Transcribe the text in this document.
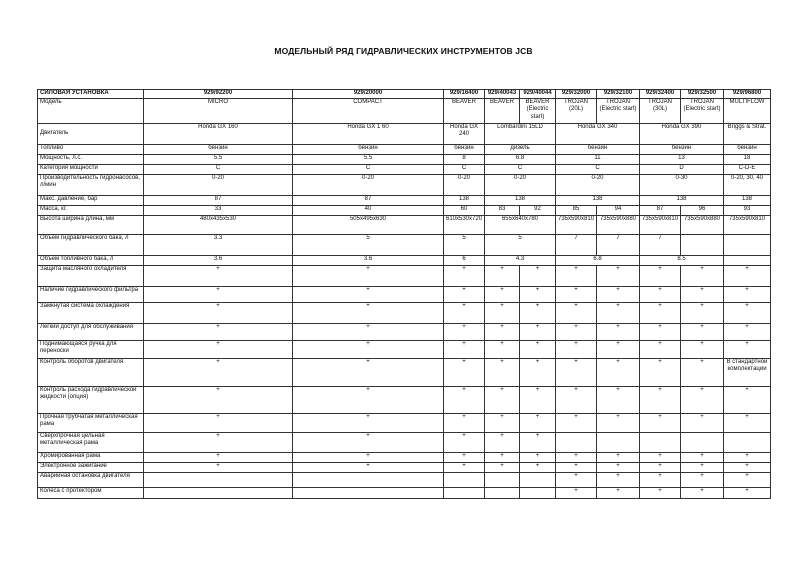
МОДЕЛЬНЫЙ РЯД ГИДРАВЛИЧЕСКИХ ИНСТРУМЕНТОВ JCB
СИЛОВАЯ УСТАНОВКА	929/92200	929/20000	929/16400	929/40043	929/40044	929/32000	929/32100	929/32400	929/32500	929/96800
Модель	MICRO	COMPACT	BEAVER	BEAVER	BEAVER (Electric start)	TROJAN (20L)	TROJAN (Electric start)	TROJAN (30L)	TROJAN (Electric start)	MULTIFLOW
Двигатель	Honda GX 160	Honda GX 1 60	Honda GX 240	Lombardini 15LD		Honda GX 340		Honda GX 390		Briggs & Strat.
Топливо	бензин	бензин	бензин	дизель		бензин		бензин		бензин
Мощность, л.с.	5.5	5.5	8	6.8		11		13		18
Категория мощности	C	C	C	C		C		D		C-D-E
Производительность гидронасосов, л/мин	0-20	0-20	0-20	0-20		0-20		0-30		0-20, 30, 40
Макс. давление, бар	87	87	138	138		138		138		138
Масса, кг.	33	40	60	83	92	85	94	87	96	93
Высота ширина длина, мм	480x435x530	505x495x630	610x530x720	655x640x780		735x590x810	735x590x880	735x590x810	735x590x880	735x590x810
Объем гидравлического бака, л	3.3	5	5	5		7	7	7		
Объем топливного бака, л	3.6	3.6	6	4.3		6.8		8.5		
Защита масляного охладителя	+	+	+	+	+	+	+	+	+	+
Наличие гидравлического фильтра	+	+	+	+	+	+	+	+	+	+
Замкнутая система охлаждения	+	+	+	+	+	+	+	+	+	+
Легкий доступ для обслуживания	+	+	+	+	+	+	+	+	+	+
Поднимающаяся ручка для переноски	+	+	+	+	+	+	+	+	+	+
Контроль оборотов двигателя	+	+	+	+	+	+	+	+	+	В стандартной комплектации
Контроль расхода гидравлической жидкости (опция)	+	+	+	+	+	+	+	+	+	+
Прочная трубчатая металлическая рама	+	+	+	+	+	+	+	+	+	+
Сверхпрочная цельная металлическая рама	+	+	+	+	+					
Хромированная рама	+	+	+	+	+	+	+	+	+	+
Электронное зажигание	+	+	+	+	+	+	+	+	+	+
Аварийная остановка двигателя						+	+	+	+	+
Колеса с протектором						+	+	+	+	+
